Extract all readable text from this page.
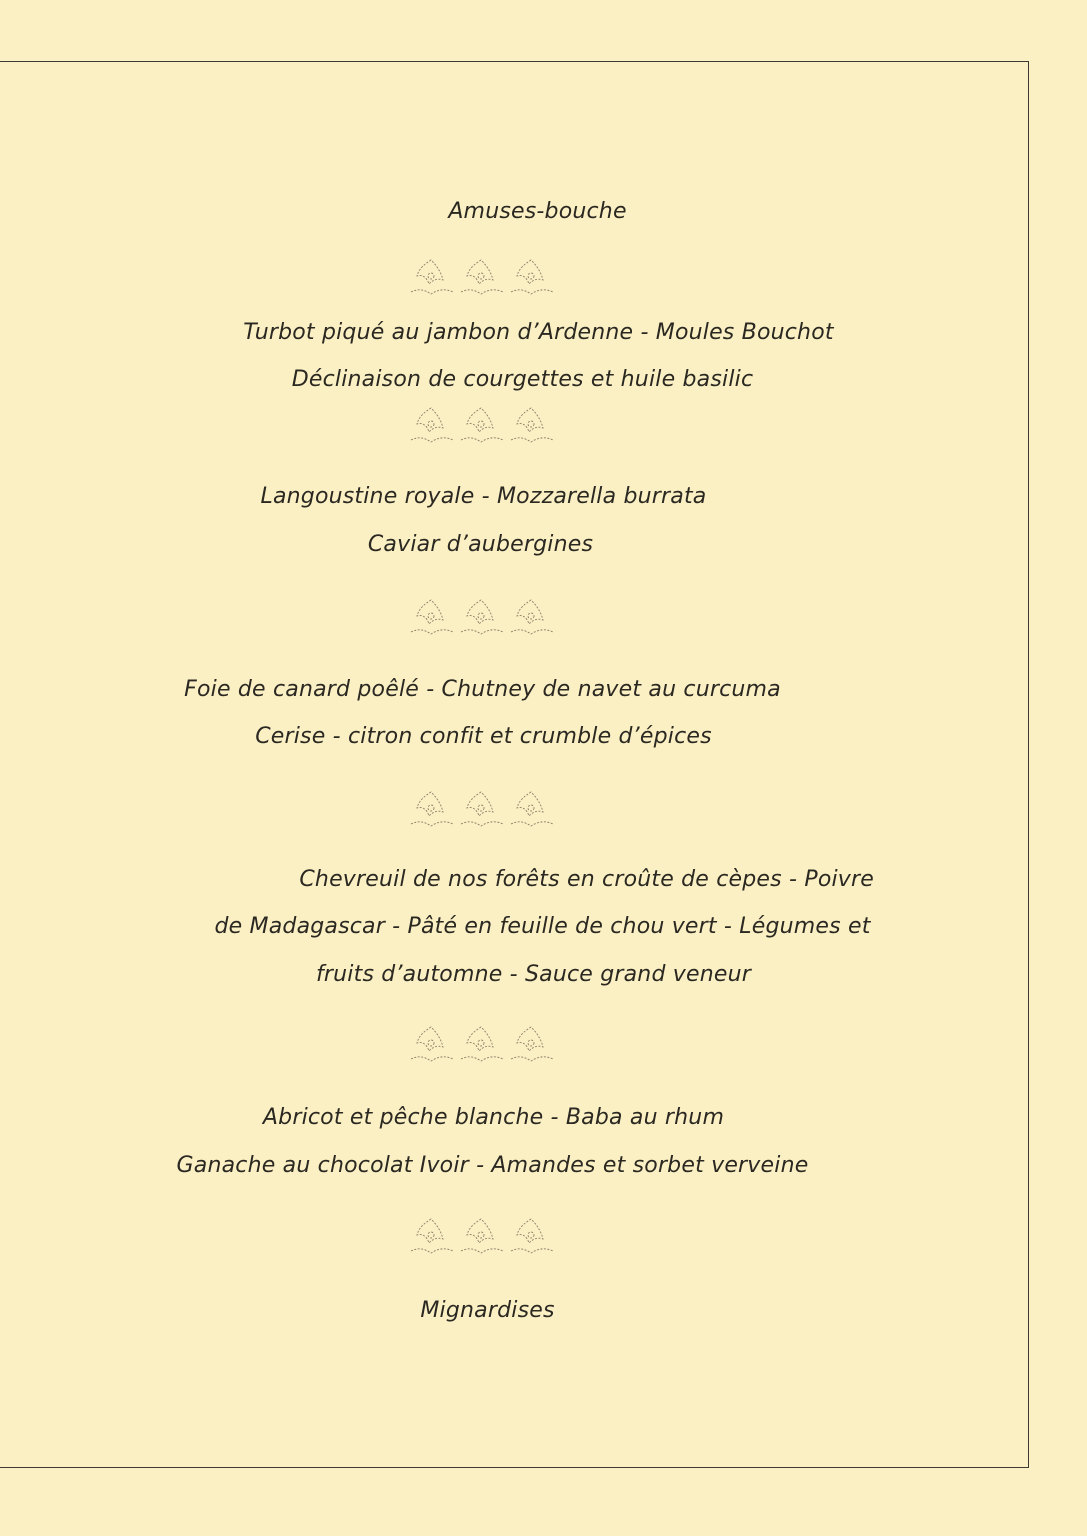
Amuses-bouche
Turbot piqué au jambon d’Ardenne - Moules Bouchot
Déclinaison de courgettes et huile basilic
Langoustine royale - Mozzarella burrata
Caviar d’aubergines
Foie de canard poêlé - Chutney de navet au curcuma
Cerise - citron confit et crumble d’épices
Chevreuil de nos forêts en croûte de cèpes - Poivre
de Madagascar - Pâté en feuille de chou vert - Légumes et
fruits d’automne - Sauce grand veneur
Abricot et pêche blanche - Baba au rhum
Ganache au chocolat Ivoir - Amandes et sorbet verveine
Mignardises
